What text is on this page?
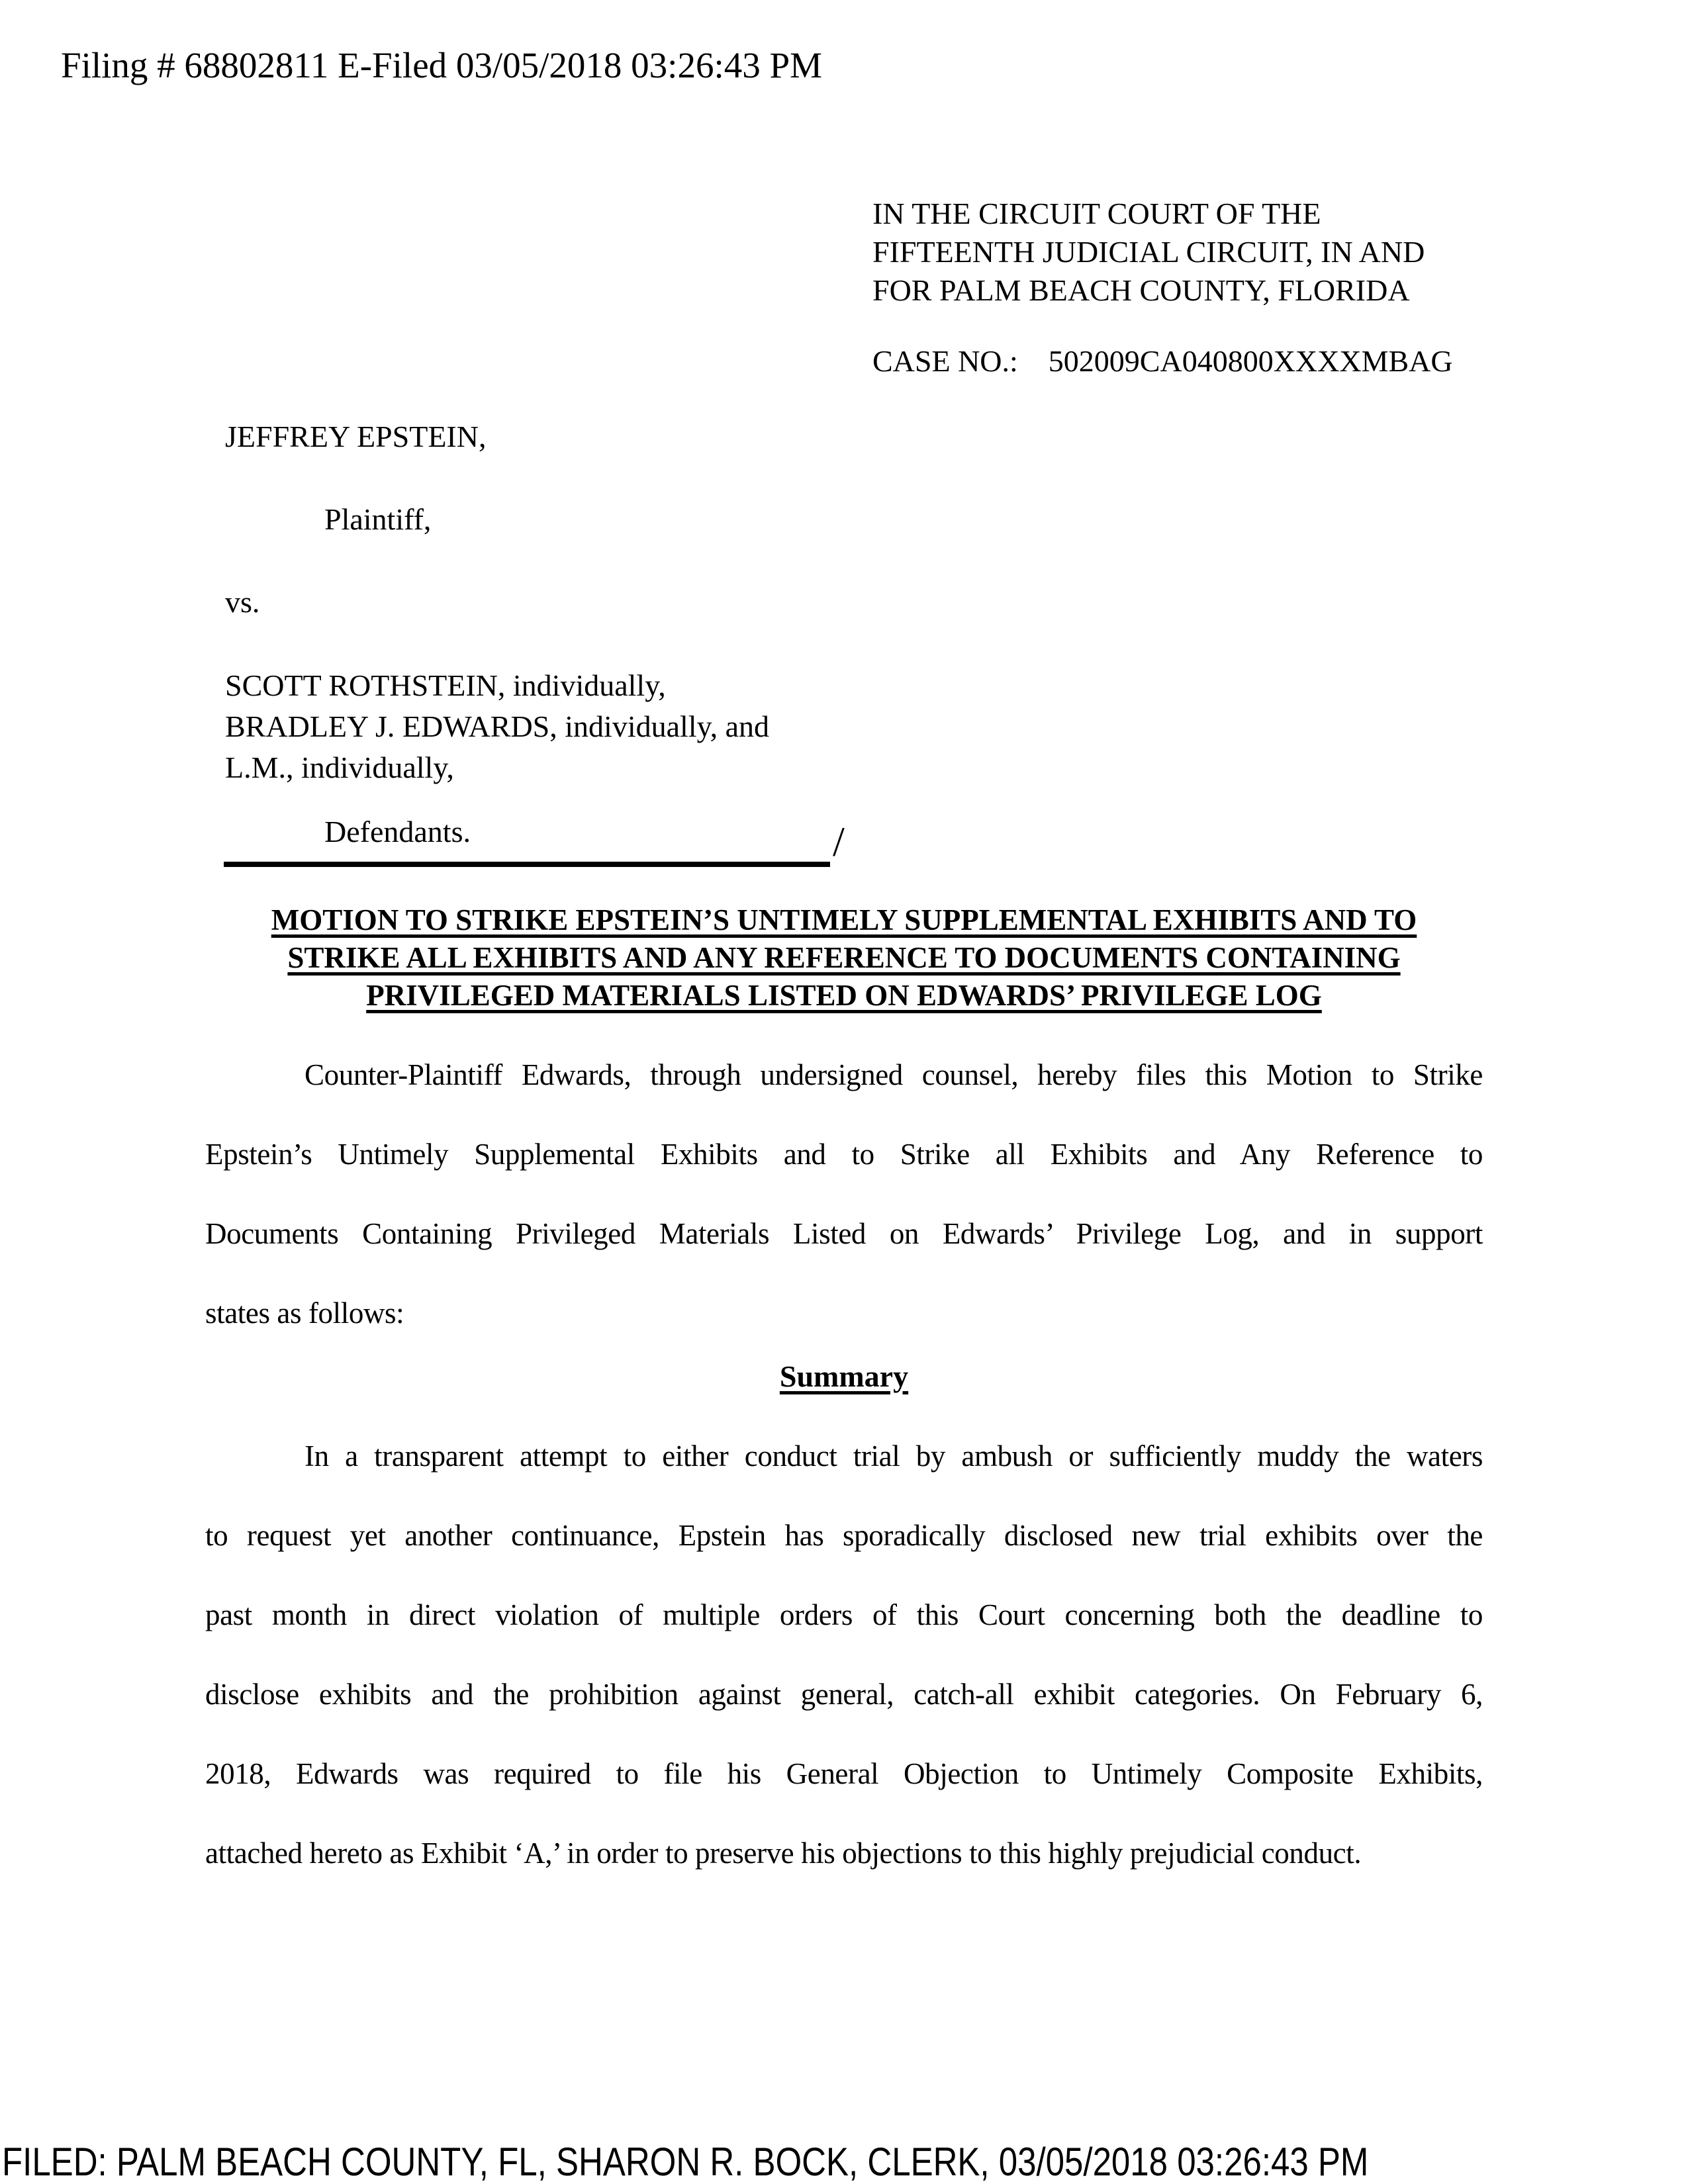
Filing # 68802811 E-Filed 03/05/2018 03:26:43 PM
IN THE CIRCUIT COURT OF THE
FIFTEENTH JUDICIAL CIRCUIT, IN AND
FOR PALM BEACH COUNTY, FLORIDA
CASE NO.:    502009CA040800XXXXMBAG
JEFFREY EPSTEIN,
Plaintiff,
vs.
SCOTT ROTHSTEIN, individually,
BRADLEY J. EDWARDS, individually, and
L.M., individually,
Defendants.	/
MOTION TO STRIKE EPSTEIN’S UNTIMELY SUPPLEMENTAL EXHIBITS AND TO
STRIKE ALL EXHIBITS AND ANY REFERENCE TO DOCUMENTS CONTAINING
PRIVILEGED MATERIALS LISTED ON EDWARDS’ PRIVILEGE LOG
Counter-Plaintiff Edwards, through undersigned counsel, hereby files this Motion to Strike
Epstein’s Untimely Supplemental Exhibits and to Strike all Exhibits and Any Reference to
Documents Containing Privileged Materials Listed on Edwards’ Privilege Log, and in support
states as follows:
Summary
In a transparent attempt to either conduct trial by ambush or sufficiently muddy the waters
to request yet another continuance, Epstein has sporadically disclosed new trial exhibits over the
past month in direct violation of multiple orders of this Court concerning both the deadline to
disclose exhibits and the prohibition against general, catch-all exhibit categories. On February 6,
2018, Edwards was required to file his General Objection to Untimely Composite Exhibits,
attached hereto as Exhibit ‘A,’ in order to preserve his objections to this highly prejudicial conduct.
FILED: PALM BEACH COUNTY, FL, SHARON R. BOCK, CLERK, 03/05/2018 03:26:43 PM
